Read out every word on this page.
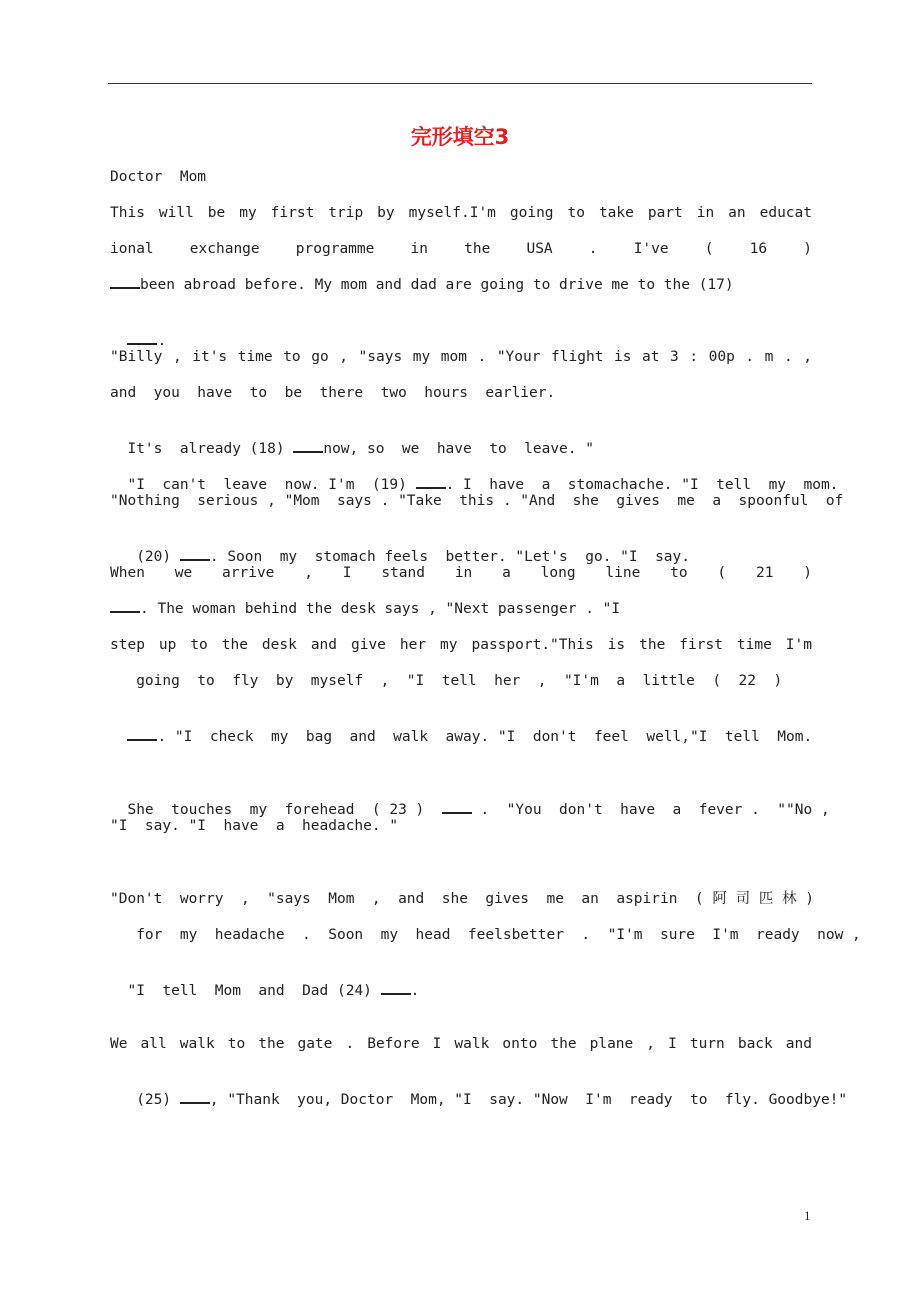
完形填空3
Doctor  Mom
This will be my first trip by myself.I'm going to take part in an educat
ional exchange programme in the USA . I've ( 16 )
been abroad before. My mom and dad are going to drive me to the (17)

.

"Billy , it's time to go , "says my mom . "Your flight is at 3 : 00p . m . ,
and  you  have  to  be  there  two  hours  earlier.

It's  already (18) now, so  we  have  to  leave. "

"I  can't  leave  now. I'm  (19) . I  have  a  stomachache. "I  tell  my  mom.

"Nothing  serious , "Mom  says . "Take  this . "And  she  gives  me  a  spoonful  of

(20) . Soon  my  stomach feels  better. "Let's  go. "I  say.

When we arrive , I stand in a long line to ( 21 )
. The woman behind the desk says , "Next passenger . "I
step up to the desk and give her my passport."This is the first time I'm
going  to  fly  by  myself  ,  "I  tell  her  ,  "I'm  a  little  (  22  )

. "I  check  my  bag  and  walk  away. "I  don't  feel  well,"I  tell  Mom.

She  touches  my  forehead  ( 23 )	.  "You  don't  have  a  fever .  ""No ,

"I  say. "I  have  a  headache. "
"Don't  worry  ,  "says  Mom  ,  and  she  gives  me  an  aspirin  ( 阿 司 匹 林 )
for  my  headache  .  Soon  my  head  feelsbetter  .  "I'm  sure  I'm  ready  now ,

"I  tell  Mom  and  Dad (24) .

We all walk to the gate . Before I walk onto the plane , I turn back and

(25) , "Thank  you, Doctor  Mom, "I  say. "Now  I'm  ready  to  fly. Goodbye!"

1
